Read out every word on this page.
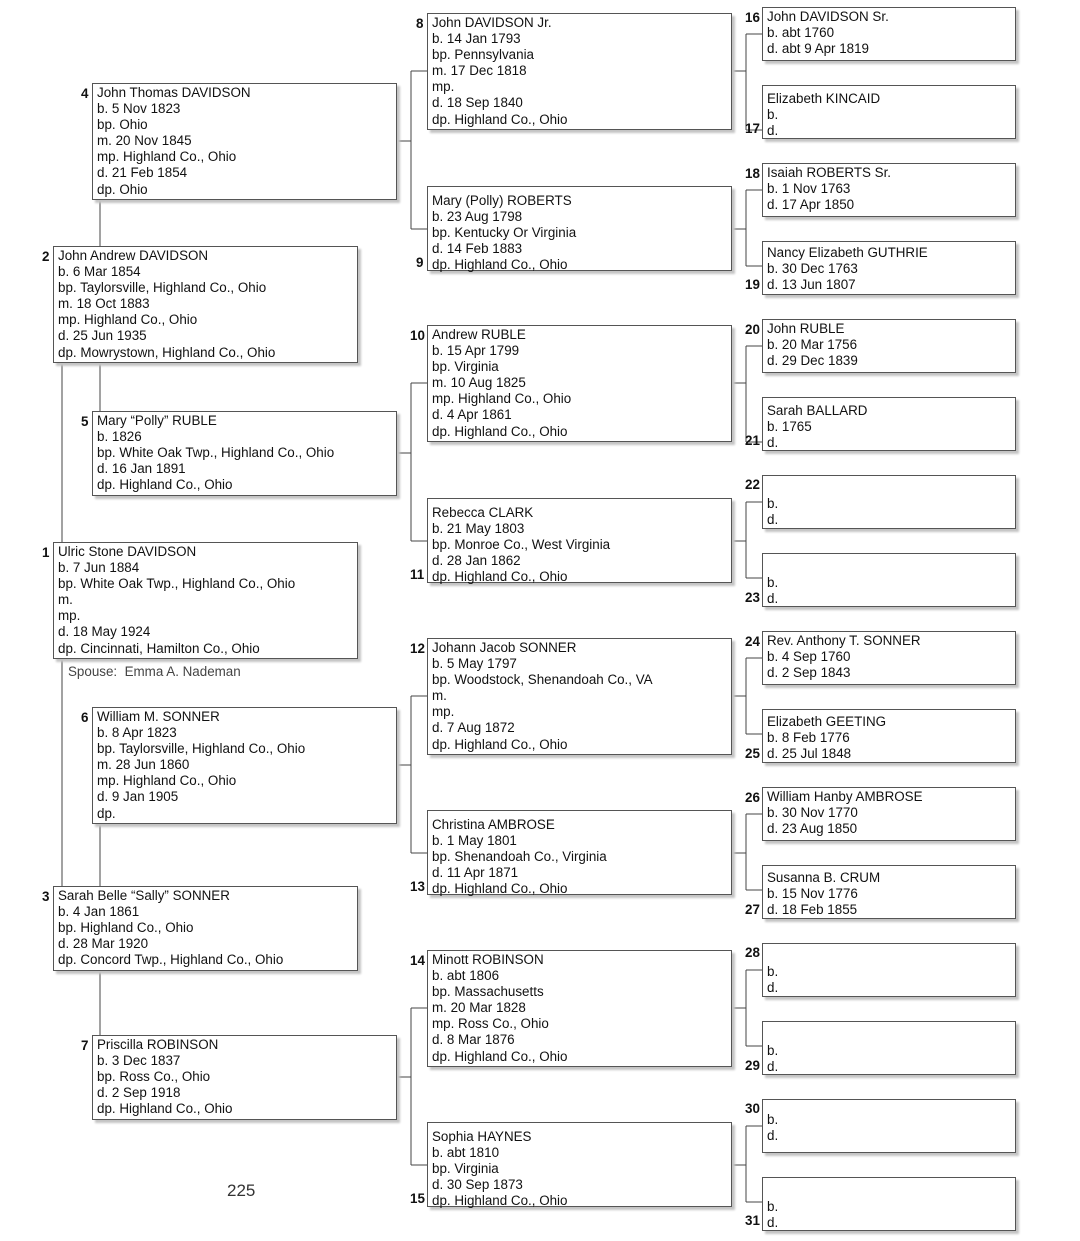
Ulric Stone DAVIDSON
b. 7 Jun 1884
bp. White Oak Twp., Highland Co., Ohio
m.
mp.
d. 18 May 1924
dp. Cincinnati, Hamilton Co., Ohio
1
John Andrew DAVIDSON
b. 6 Mar 1854
bp. Taylorsville, Highland Co., Ohio
m. 18 Oct 1883
mp. Highland Co., Ohio
d. 25 Jun 1935
dp. Mowrystown, Highland Co., Ohio
2
Sarah Belle “Sally” SONNER
b. 4 Jan 1861
bp. Highland Co., Ohio
d. 28 Mar 1920
dp. Concord Twp., Highland Co., Ohio
3
John Thomas DAVIDSON
b. 5 Nov 1823
bp. Ohio
m. 20 Nov 1845
mp. Highland Co., Ohio
d. 21 Feb 1854
dp. Ohio
4
Mary “Polly” RUBLE
b. 1826
bp. White Oak Twp., Highland Co., Ohio
d. 16 Jan 1891
dp. Highland Co., Ohio
5
William M. SONNER
b. 8 Apr 1823
bp. Taylorsville, Highland Co., Ohio
m. 28 Jun 1860
mp. Highland Co., Ohio
d. 9 Jan 1905
dp.
6
Priscilla ROBINSON
b. 3 Dec 1837
bp. Ross Co., Ohio
d. 2 Sep 1918
dp. Highland Co., Ohio
7
John DAVIDSON Jr.
b. 14 Jan 1793
bp. Pennsylvania
m. 17 Dec 1818
mp.
d. 18 Sep 1840
dp. Highland Co., Ohio
8
Mary (Polly) ROBERTS
b. 23 Aug 1798
bp. Kentucky Or Virginia
d. 14 Feb 1883
dp. Highland Co., Ohio
9
Andrew RUBLE
b. 15 Apr 1799
bp. Virginia
m. 10 Aug 1825
mp. Highland Co., Ohio
d. 4 Apr 1861
dp. Highland Co., Ohio
10
Rebecca CLARK
b. 21 May 1803
bp. Monroe Co., West Virginia
d. 28 Jan 1862
dp. Highland Co., Ohio
11
Johann Jacob SONNER
b. 5 May 1797
bp. Woodstock, Shenandoah Co., VA
m.
mp.
d. 7 Aug 1872
dp. Highland Co., Ohio
12
Christina AMBROSE
b. 1 May 1801
bp. Shenandoah Co., Virginia
d. 11 Apr 1871
dp. Highland Co., Ohio
13
Minott ROBINSON
b. abt 1806
bp. Massachusetts
m. 20 Mar 1828
mp. Ross Co., Ohio
d. 8 Mar 1876
dp. Highland Co., Ohio
14
Sophia HAYNES
b. abt 1810
bp. Virginia
d. 30 Sep 1873
dp. Highland Co., Ohio
15
John DAVIDSON Sr.
b. abt 1760
d. abt 9 Apr 1819
16
Elizabeth KINCAID
b.
d.
17
Isaiah ROBERTS Sr.
b. 1 Nov 1763
d. 17 Apr 1850
18
Nancy Elizabeth GUTHRIE
b. 30 Dec 1763
d. 13 Jun 1807
19
John RUBLE
b. 20 Mar 1756
d. 29 Dec 1839
20
Sarah BALLARD
b. 1765
d.
21
b.
d.
22
b.
d.
23
Rev. Anthony T. SONNER
b. 4 Sep 1760
d. 2 Sep 1843
24
Elizabeth GEETING
b. 8 Feb 1776
d. 25 Jul 1848
25
William Hanby AMBROSE
b. 30 Nov 1770
d. 23 Aug 1850
26
Susanna B. CRUM
b. 15 Nov 1776
d. 18 Feb 1855
27
b.
d.
28
b.
d.
29
b.
d.
30
b.
d.
31
Spouse: Emma A. Nademan
225
